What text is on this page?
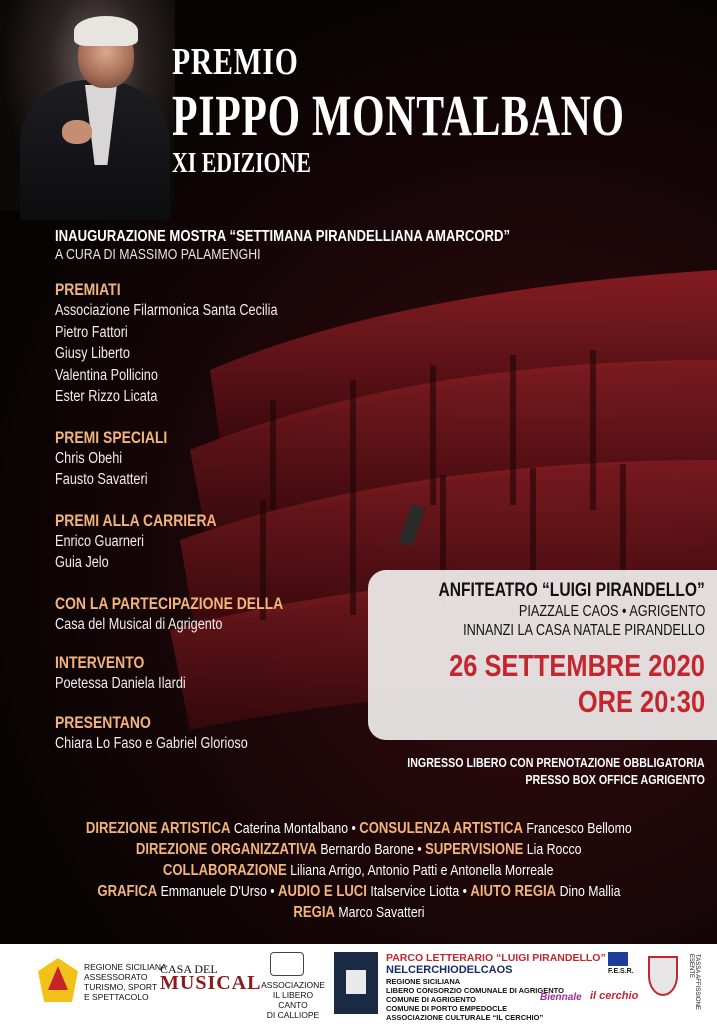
PREMIO
PIPPO MONTALBANO
XI EDIZIONE
INAUGURAZIONE MOSTRA “SETTIMANA PIRANDELLIANA AMARCORD”
A CURA DI MASSIMO PALAMENGHI
PREMIATI
Associazione Filarmonica Santa Cecilia
Pietro Fattori
Giusy Liberto
Valentina Pollicino
Ester Rizzo Licata
PREMI SPECIALI
Chris Obehi
Fausto Savatteri
PREMI ALLA CARRIERA
Enrico Guarneri
Guia Jelo
CON LA PARTECIPAZIONE DELLA
Casa del Musical di Agrigento
INTERVENTO
Poetessa Daniela Ilardi
PRESENTANO
Chiara Lo Faso e Gabriel Glorioso
ANFITEATRO “LUIGI PIRANDELLO”
PIAZZALE CAOS • AGRIGENTO
INNANZI LA CASA NATALE PIRANDELLO
26 SETTEMBRE 2020
ORE 20:30
INGRESSO LIBERO CON PRENOTAZIONE OBBLIGATORIA
PRESSO BOX OFFICE AGRIGENTO
DIREZIONE ARTISTICA Caterina Montalbano • CONSULENZA ARTISTICA Francesco Bellomo
DIREZIONE ORGANIZZATIVA Bernardo Barone • SUPERVISIONE Lia Rocco
COLLABORAZIONE Liliana Arrigo, Antonio Patti e Antonella Morreale
GRAFICA Emmanuele D'Urso • AUDIO E LUCI Italservice Liotta • AIUTO REGIA Dino Mallia
REGIA Marco Savatteri
REGIONE SICILIANA
ASSESSORATO
TURISMO, SPORT
E SPETTACOLO
CASA DEL
MUSICAL ASSOCIAZIONE
IL LIBERO CANTO
DI CALLIOPE
PARCO LETTERARIO “LUIGI PIRANDELLO”
NELCERCHIODELCAOS
REGIONE SICILIANA
LIBERO CONSORZIO COMUNALE DI AGRIGENTO
COMUNE DI AGRIGENTO
COMUNE DI PORTO EMPEDOCLE
ASSOCIAZIONE CULTURALE “IL CERCHIO”
F.E.S.R.
Biennale il cerchio	TASSA AFFISSIONE ESENTE
